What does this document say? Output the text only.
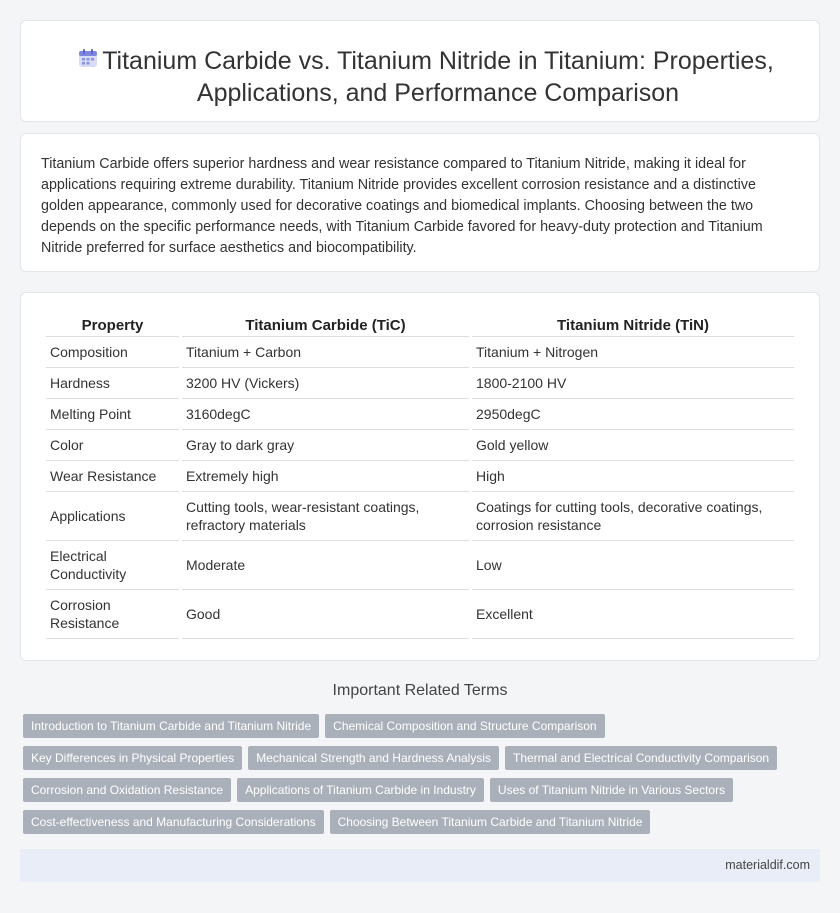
Titanium Carbide vs. Titanium Nitride in Titanium: Properties, Applications, and Performance Comparison

Titanium Carbide offers superior hardness and wear resistance compared to Titanium Nitride, making it ideal for applications requiring extreme durability. Titanium Nitride provides excellent corrosion resistance and a distinctive golden appearance, commonly used for decorative coatings and biomedical implants. Choosing between the two depends on the specific performance needs, with Titanium Carbide favored for heavy-duty protection and Titanium Nitride preferred for surface aesthetics and biocompatibility.

Property	Titanium Carbide (TiC)	Titanium Nitride (TiN)
Composition	Titanium + Carbon	Titanium + Nitrogen
Hardness	3200 HV (Vickers)	1800-2100 HV
Melting Point	3160degC	2950degC
Color	Gray to dark gray	Gold yellow
Wear Resistance	Extremely high	High
Applications	Cutting tools, wear-resistant coatings, refractory materials	Coatings for cutting tools, decorative coatings, corrosion resistance
Electrical Conductivity	Moderate	Low
Corrosion Resistance	Good	Excellent
Important Related Terms
Introduction to Titanium Carbide and Titanium Nitride	Chemical Composition and Structure Comparison
Key Differences in Physical Properties	Mechanical Strength and Hardness Analysis	Thermal and Electrical Conductivity Comparison
Corrosion and Oxidation Resistance	Applications of Titanium Carbide in Industry	Uses of Titanium Nitride in Various Sectors
Cost-effectiveness and Manufacturing Considerations	Choosing Between Titanium Carbide and Titanium Nitride
materialdif.com
